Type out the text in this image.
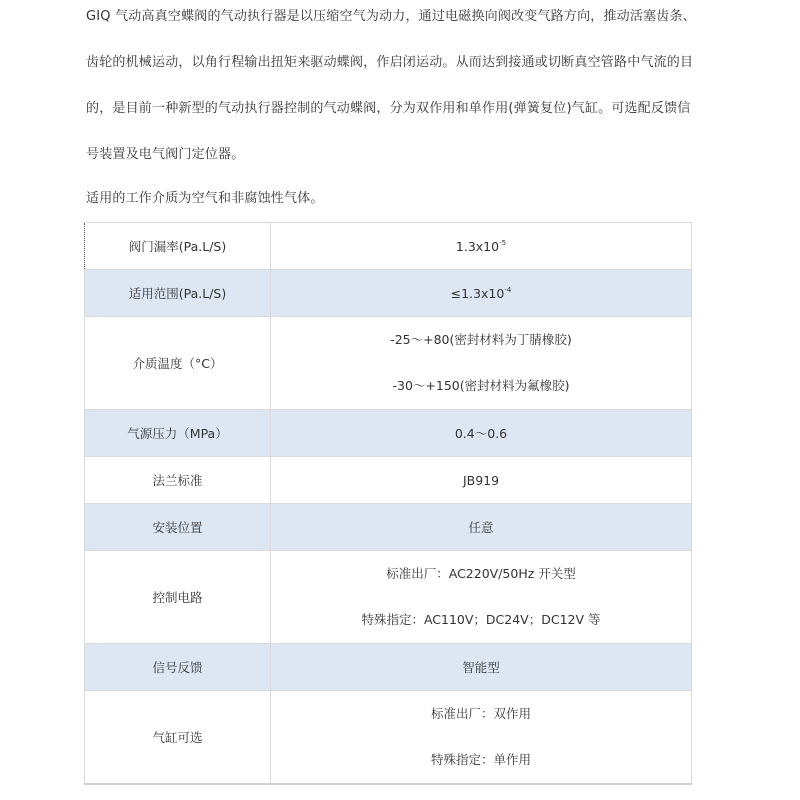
GIQ 气动高真空蝶阀的气动执行器是以压缩空气为动力，通过电磁换向阀改变气路方向，推动活塞齿条、齿轮的机械运动，以角行程输出扭矩来驱动蝶阀，作启闭运动。从而达到接通或切断真空管路中气流的目的，是目前一种新型的气动执行器控制的气动蝶阀，分为双作用和单作用(弹簧复位)气缸。可选配反馈信号装置及电气阀门定位器。

适用的工作介质为空气和非腐蚀性气体。

阀门漏率(Pa.L/S)	$1.3x10^{-5}$
适用范围(Pa.L/S)	$\le 1.3x10^{-4}$
介质温度（°C）	-25～+80(密封材料为丁腈橡胶)
-30～+150(密封材料为氟橡胶)

气源压力（MPa）	0.4～0.6
法兰标准	JB919
安装位置	任意
控制电路	标准出厂：AC220V/50Hz 开关型
特殊指定：AC110V；DC24V；DC12V 等

信号反馈	智能型
气缸可选	标准出厂：双作用
特殊指定：单作用
